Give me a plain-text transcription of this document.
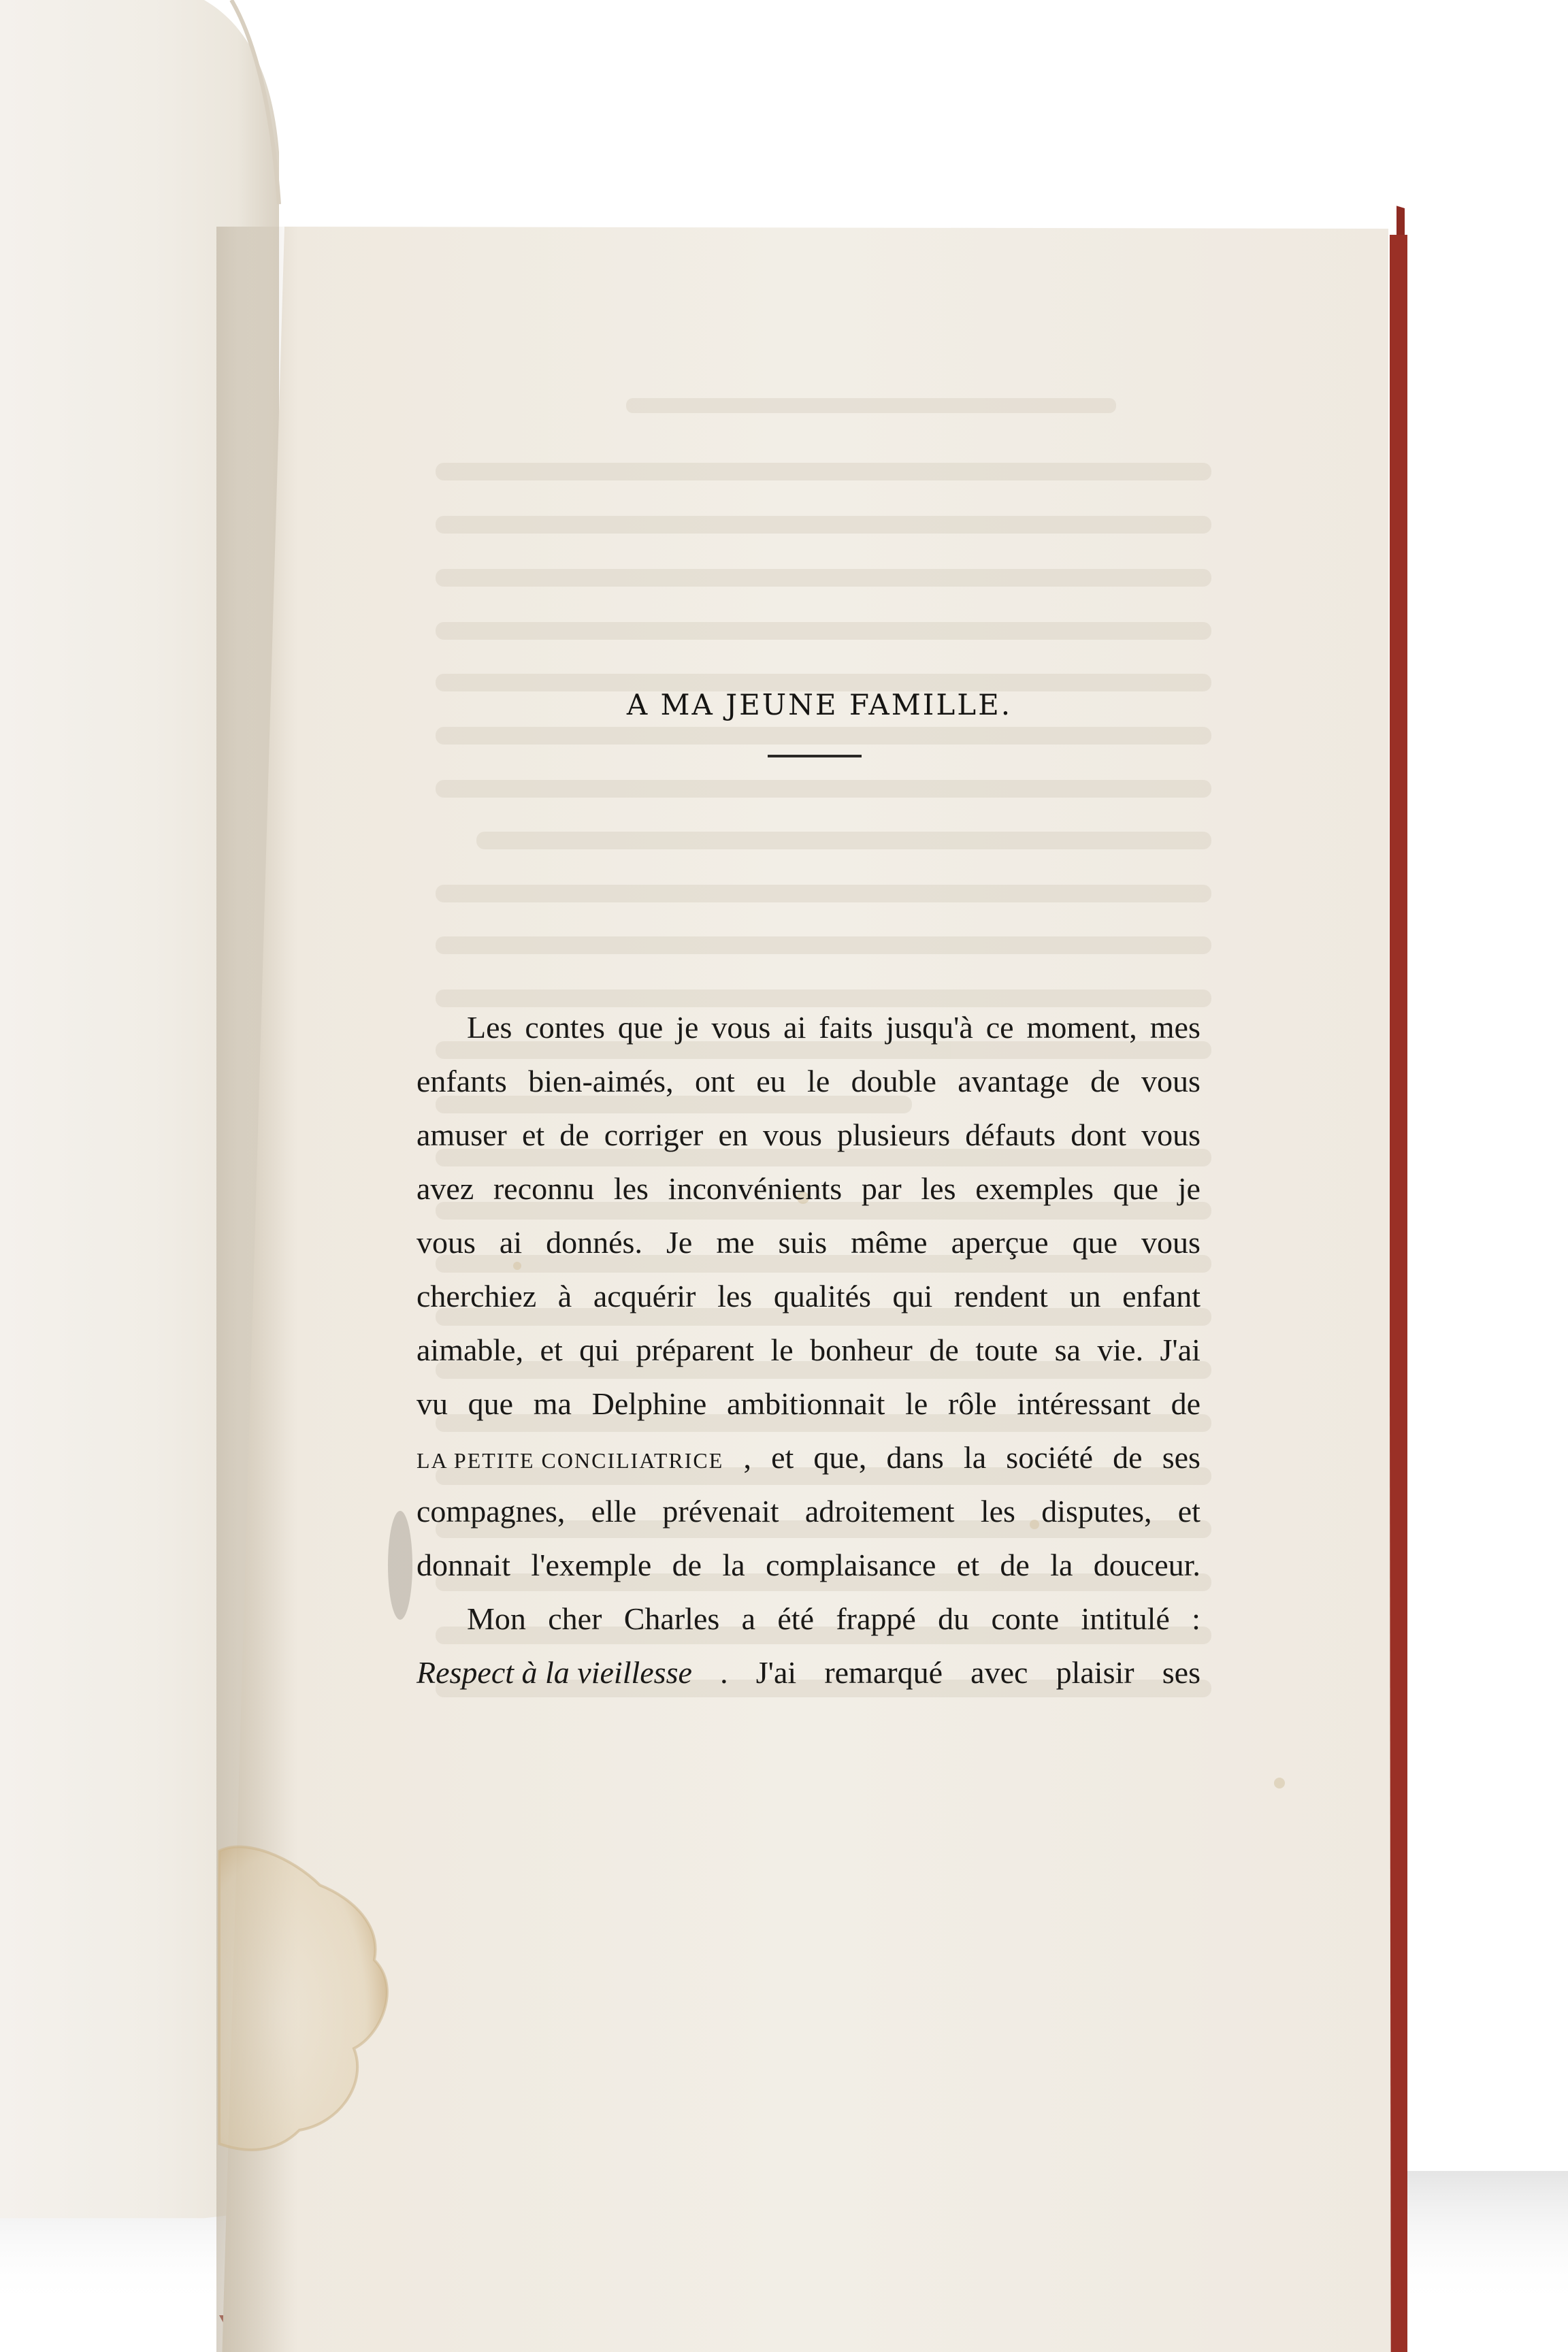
A MA JEUNE FAMILLE.
Les contes que je vous ai faits jusqu'à ce moment, mes
enfants bien-aimés, ont eu le double avantage de vous
amuser et de corriger en vous plusieurs défauts dont vous
avez reconnu les inconvénients par les exemples que je
vous ai donnés. Je me suis même aperçue que vous
cherchiez à acquérir les qualités qui rendent un enfant
aimable, et qui préparent le bonheur de toute sa vie. J'ai
vu que ma Delphine ambitionnait le rôle intéressant de
LA PETITE CONCILIATRICE , et que, dans la société de ses
compagnes, elle prévenait adroitement les disputes, et
donnait l'exemple de la complaisance et de la douceur.
Mon cher Charles a été frappé du conte intitulé :
Respect à la vieillesse . J'ai remarqué avec plaisir ses
